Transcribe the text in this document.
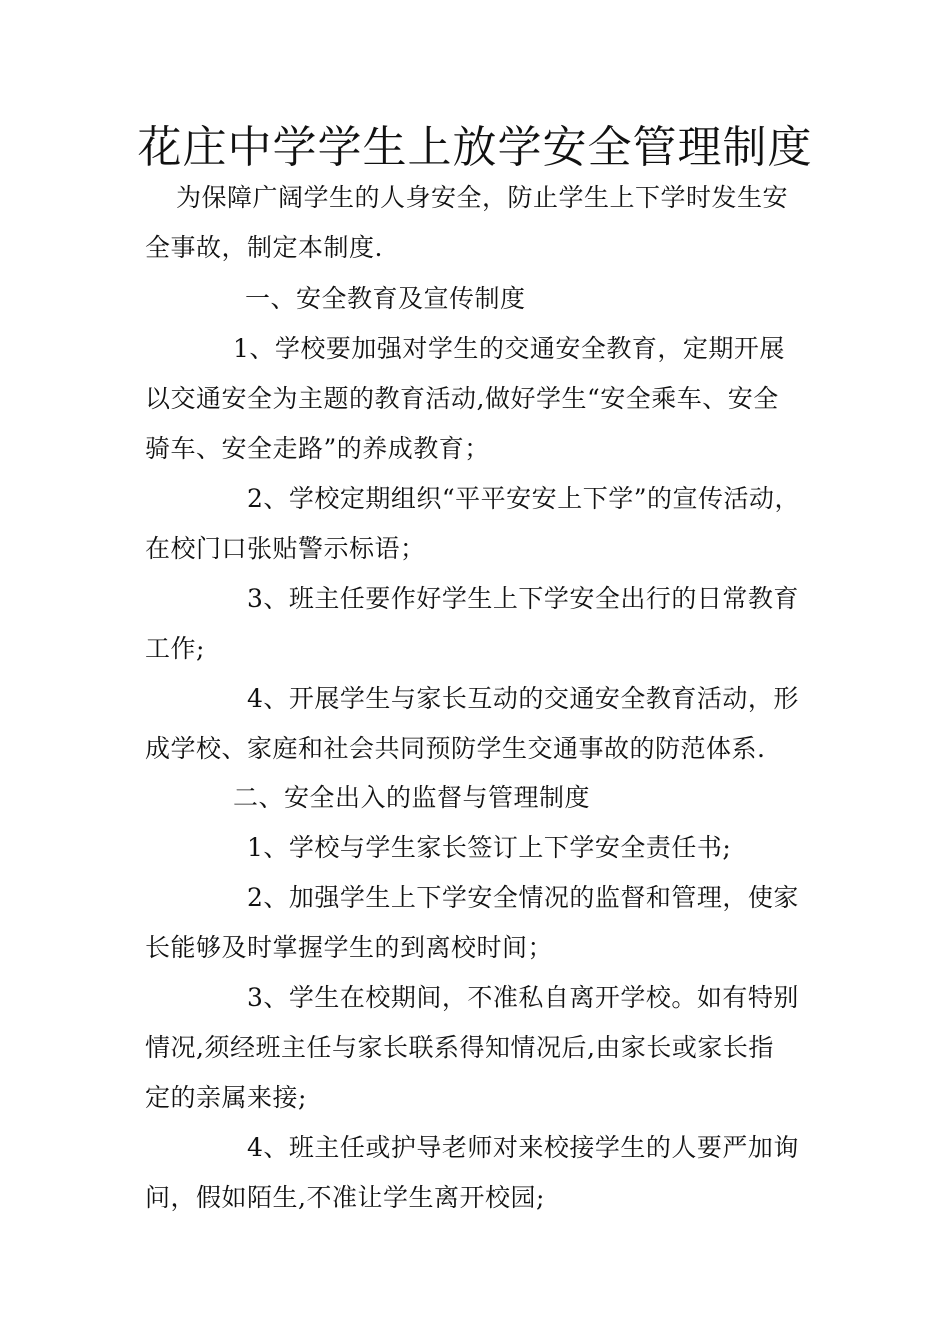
花庄中学学生上放学安全管理制度
为保障广阔学生的人身安全，防止学生上下学时发生安
全事故，制定本制度.
一、安全教育及宣传制度
1、学校要加强对学生的交通安全教育，定期开展
以交通安全为主题的教育活动,做好学生“安全乘车、安全
骑车、安全走路”的养成教育；
2、学校定期组织“平平安安上下学”的宣传活动，
在校门口张贴警示标语；
3、班主任要作好学生上下学安全出行的日常教育
工作;
4、开展学生与家长互动的交通安全教育活动，形
成学校、家庭和社会共同预防学生交通事故的防范体系.
二、安全出入的监督与管理制度
1、学校与学生家长签订上下学安全责任书;
2、加强学生上下学安全情况的监督和管理，使家
长能够及时掌握学生的到离校时间；
3、学生在校期间，不准私自离开学校。如有特别
情况,须经班主任与家长联系得知情况后,由家长或家长指
定的亲属来接;
4、班主任或护导老师对来校接学生的人要严加询
问，假如陌生,不准让学生离开校园;
